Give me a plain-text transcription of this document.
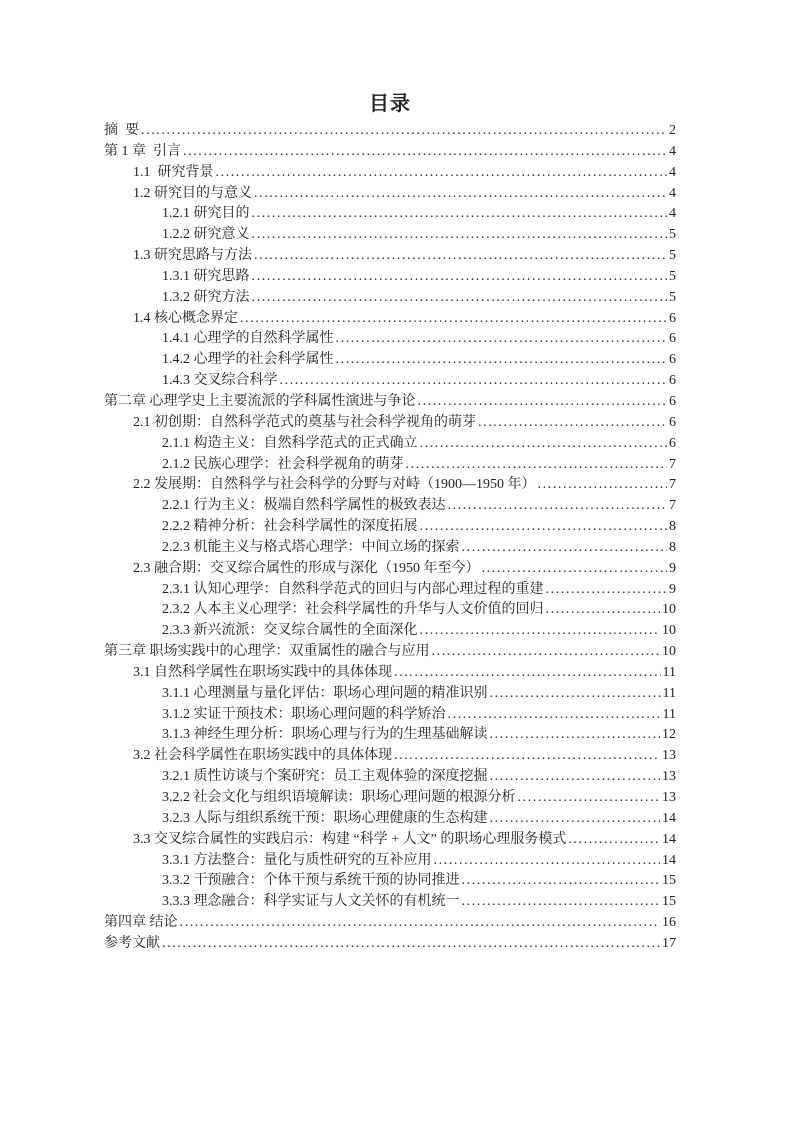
目录
摘  要 .....	2
第 1 章  引言 .....	4
1.1  研究背景 .....	4
1.2 研究目的与意义 .....	4
1.2.1 研究目的 .....	4
1.2.2 研究意义 .....	5
1.3 研究思路与方法 .....	5
1.3.1 研究思路 .....	5
1.3.2 研究方法 .....	5
1.4 核心概念界定 .....	6
1.4.1 心理学的自然科学属性 .....	6
1.4.2 心理学的社会科学属性 .....	6
1.4.3 交叉综合科学 .....	6
第二章 心理学史上主要流派的学科属性演进与争论 .....	6
2.1 初创期：自然科学范式的奠基与社会科学视角的萌芽 .....	6
2.1.1 构造主义：自然科学范式的正式确立 .....	6
2.1.2 民族心理学：社会科学视角的萌芽 .....	7
2.2 发展期：自然科学与社会科学的分野与对峙（1900—1950 年） .....	7
2.2.1 行为主义：极端自然科学属性的极致表达 .....	7
2.2.2 精神分析：社会科学属性的深度拓展 .....	8
2.2.3 机能主义与格式塔心理学：中间立场的探索 .....	8
2.3 融合期：交叉综合属性的形成与深化（1950 年至今） .....	9
2.3.1 认知心理学：自然科学范式的回归与内部心理过程的重建 .....	9
2.3.2 人本主义心理学：社会科学属性的升华与人文价值的回归 .....	10
2.3.3 新兴流派：交叉综合属性的全面深化 .....	10
第三章 职场实践中的心理学：双重属性的融合与应用 .....	10
3.1 自然科学属性在职场实践中的具体体现 .....	11
3.1.1 心理测量与量化评估：职场心理问题的精准识别 .....	11
3.1.2 实证干预技术：职场心理问题的科学矫治 .....	11
3.1.3 神经生理分析：职场心理与行为的生理基础解读 .....	12
3.2 社会科学属性在职场实践中的具体体现 .....	13
3.2.1 质性访谈与个案研究：员工主观体验的深度挖掘 .....	13
3.2.2 社会文化与组织语境解读：职场心理问题的根源分析 .....	13
3.2.3 人际与组织系统干预：职场心理健康的生态构建 .....	14
3.3 交叉综合属性的实践启示：构建 “科学 + 人文” 的职场心理服务模式 .....	14
3.3.1 方法整合：量化与质性研究的互补应用 .....	14
3.3.2 干预融合：个体干预与系统干预的协同推进 .....	15
3.3.3 理念融合：科学实证与人文关怀的有机统一 .....	15
第四章 结论 .....	16
参考文献 .....	17
